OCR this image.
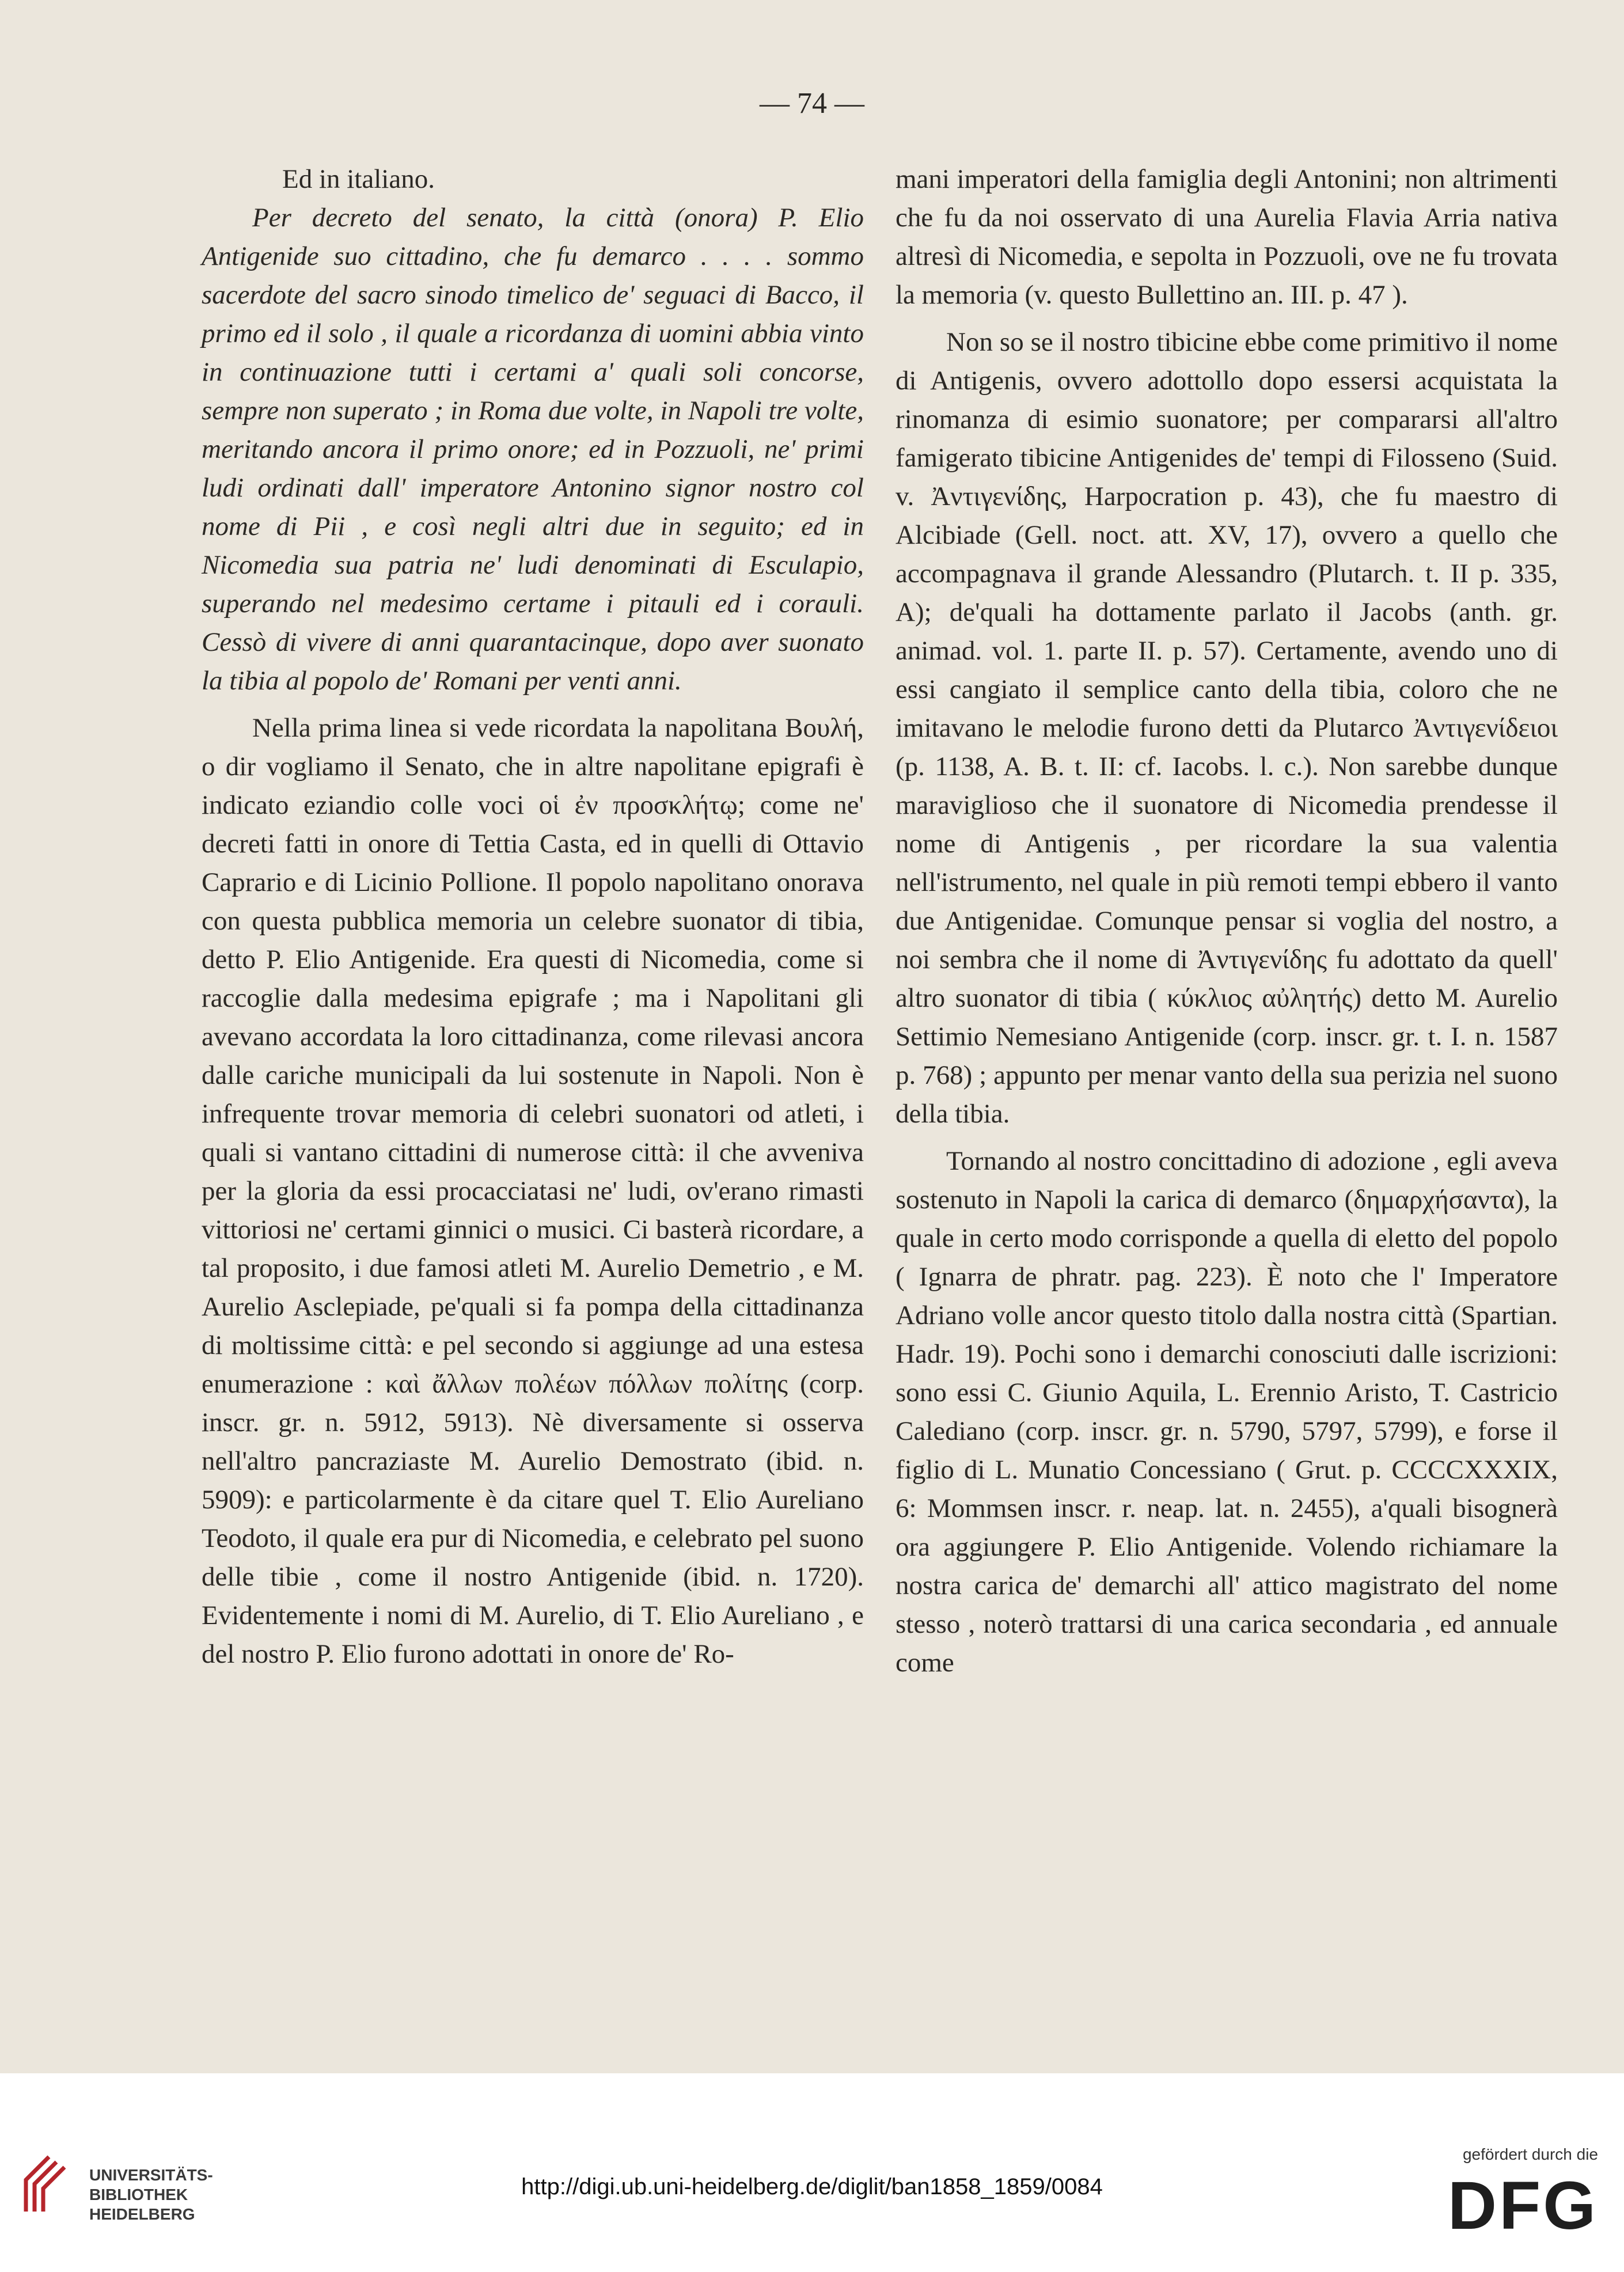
— 74 —

Ed in italiano.

Per decreto del senato, la città (onora) P. Elio Antigenide suo cittadino, che fu demarco . . . . sommo sacerdote del sacro sinodo timelico de' seguaci di Bacco, il primo ed il solo , il quale a ricordanza di uomini abbia vinto in continuazione tutti i certami a' quali soli concorse, sempre non superato ; in Roma due volte, in Napoli tre volte, meritando ancora il primo onore; ed in Pozzuoli, ne' primi ludi ordinati dall' imperatore Antonino signor nostro col nome di Pii , e così negli altri due in seguito; ed in Nicomedia sua patria ne' ludi denominati di Esculapio, superando nel medesimo certame i pitauli ed i corauli. Cessò di vivere di anni quarantacinque, dopo aver suonato la tibia al popolo de' Romani per venti anni.

Nella prima linea si vede ricordata la napolitana Βουλή, o dir vogliamo il Senato, che in altre napolitane epigrafi è indicato eziandio colle voci οἱ ἐν προσκλήτῳ; come ne' decreti fatti in onore di Tettia Casta, ed in quelli di Ottavio Caprario e di Licinio Pollione. Il popolo napolitano onorava con questa pubblica memoria un celebre suonator di tibia, detto P. Elio Antigenide. Era questi di Nicomedia, come si raccoglie dalla medesima epigrafe ; ma i Napolitani gli avevano accordata la loro cittadinanza, come rilevasi ancora dalle cariche municipali da lui sostenute in Napoli. Non è infrequente trovar memoria di celebri suonatori od atleti, i quali si vantano cittadini di numerose città: il che avveniva per la gloria da essi procacciatasi ne' ludi, ov'erano rimasti vittoriosi ne' certami ginnici o musici. Ci basterà ricordare, a tal proposito, i due famosi atleti M. Aurelio Demetrio , e M. Aurelio Asclepiade, pe'quali si fa pompa della cittadinanza di moltissime città: e pel secondo si aggiunge ad una estesa enumerazione : καὶ ἄλλων πολέων πόλλων πολίτης (corp. inscr. gr. n. 5912, 5913). Nè diversamente si osserva nell'altro pancraziaste M. Aurelio Demostrato (ibid. n. 5909): e particolarmente è da citare quel T. Elio Aureliano Teodoto, il quale era pur di Nicomedia, e celebrato pel suono delle tibie , come il nostro Antigenide (ibid. n. 1720). Evidentemente i nomi di M. Aurelio, di T. Elio Aureliano , e del nostro P. Elio furono adottati in onore de' Ro-

mani imperatori della famiglia degli Antonini; non altrimenti che fu da noi osservato di una Aurelia Flavia Arria nativa altresì di Nicomedia, e sepolta in Pozzuoli, ove ne fu trovata la memoria (v. questo Bullettino an. III. p. 47 ).

Non so se il nostro tibicine ebbe come primitivo il nome di Antigenis, ovvero adottollo dopo essersi acquistata la rinomanza di esimio suonatore; per compararsi all'altro famigerato tibicine Antigenides de' tempi di Filosseno (Suid. v. Ἀντιγενίδης, Harpocration p. 43), che fu maestro di Alcibiade (Gell. noct. att. XV, 17), ovvero a quello che accompagnava il grande Alessandro (Plutarch. t. II p. 335, A); de'quali ha dottamente parlato il Jacobs (anth. gr. animad. vol. 1. parte II. p. 57). Certamente, avendo uno di essi cangiato il semplice canto della tibia, coloro che ne imitavano le melodie furono detti da Plutarco Ἀντιγενίδειοι (p. 1138, A. B. t. II: cf. Iacobs. l. c.). Non sarebbe dunque maraviglioso che il suonatore di Nicomedia prendesse il nome di Antigenis , per ricordare la sua valentia nell'istrumento, nel quale in più remoti tempi ebbero il vanto due Antigenidae. Comunque pensar si voglia del nostro, a noi sembra che il nome di Ἀντιγενίδης fu adottato da quell' altro suonator di tibia ( κύκλιος αὐλητής) detto M. Aurelio Settimio Nemesiano Antigenide (corp. inscr. gr. t. I. n. 1587 p. 768) ; appunto per menar vanto della sua perizia nel suono della tibia.

Tornando al nostro concittadino di adozione , egli aveva sostenuto in Napoli la carica di demarco (δημαρχήσαντα), la quale in certo modo corrisponde a quella di eletto del popolo ( Ignarra de phratr. pag. 223). È noto che l' Imperatore Adriano volle ancor questo titolo dalla nostra città (Spartian. Hadr. 19). Pochi sono i demarchi conosciuti dalle iscrizioni: sono essi C. Giunio Aquila, L. Erennio Aristo, T. Castricio Calediano (corp. inscr. gr. n. 5790, 5797, 5799), e forse il figlio di L. Munatio Concessiano ( Grut. p. CCCCXXXIX, 6: Mommsen inscr. r. neap. lat. n. 2455), a'quali bisognerà ora aggiungere P. Elio Antigenide. Volendo richiamare la nostra carica de' demarchi all' attico magistrato del nome stesso , noterò trattarsi di una carica secondaria , ed annuale come

UNIVERSITÄTS-
BIBLIOTHEK
HEIDELBERG
http://digi.ub.uni-heidelberg.de/diglit/ban1858_1859/0084
gefördert durch die
DFG
